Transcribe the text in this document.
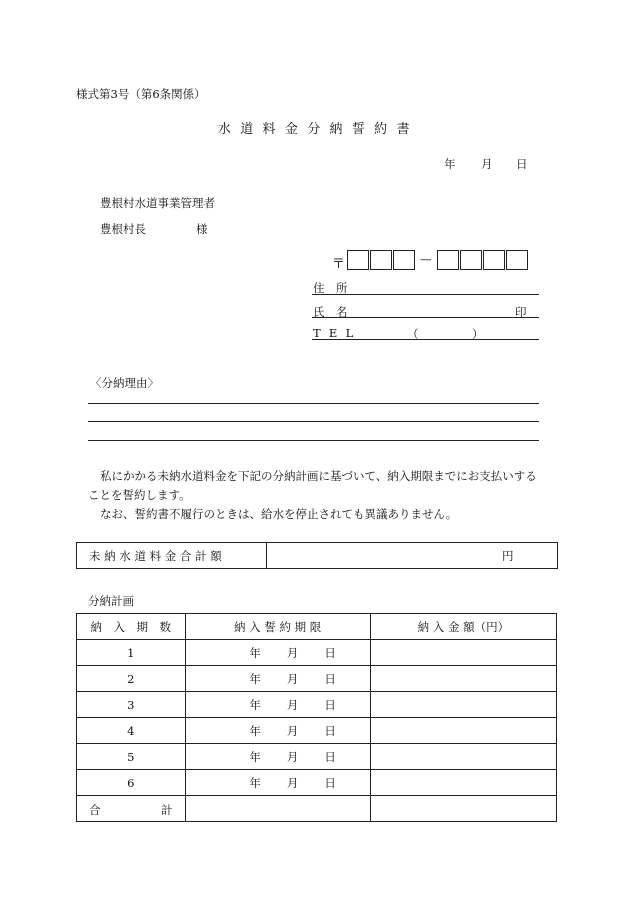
様式第3号（第6条関係）
水 道 料 金 分 納 誓 約 書
年 月 日
豊根村水道事業管理者
豊根村長	様
〒	—
住　所
氏　名	印
T E L	（	）
〈分納理由〉
私にかかる未納水道料金を下記の分納計画に基づいて、納入期限までにお支払いする
ことを誓約します。
なお、誓約書不履行のときは、給水を停止されても異議ありません。
未 納 水 道 料 金 合 計 額	円
分納計画
納　入　期　数	納 入 誓 約 期 限	納 入 金 額（円）
1	年 月 日	
2	年 月 日	
3	年 月 日	
4	年 月 日	
5	年 月 日	
6	年 月 日	

合 計		
